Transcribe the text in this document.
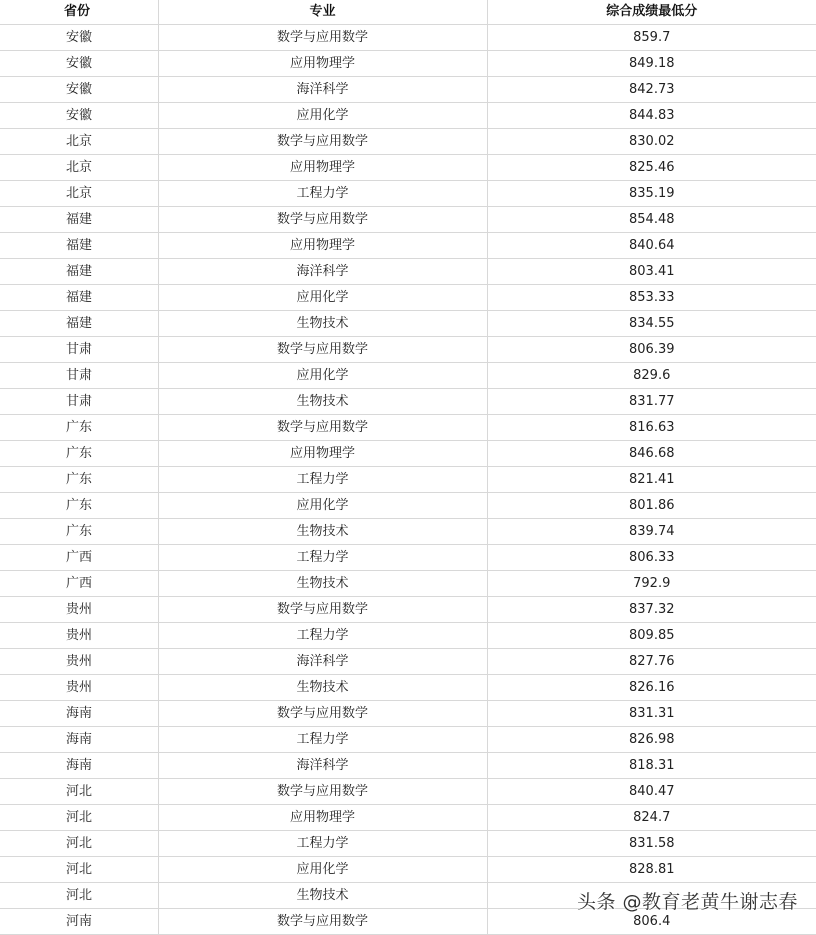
省份	专业	综合成绩最低分
安徽	数学与应用数学	859.7
安徽	应用物理学	849.18
安徽	海洋科学	842.73
安徽	应用化学	844.83
北京	数学与应用数学	830.02
北京	应用物理学	825.46
北京	工程力学	835.19
福建	数学与应用数学	854.48
福建	应用物理学	840.64
福建	海洋科学	803.41
福建	应用化学	853.33
福建	生物技术	834.55
甘肃	数学与应用数学	806.39
甘肃	应用化学	829.6
甘肃	生物技术	831.77
广东	数学与应用数学	816.63
广东	应用物理学	846.68
广东	工程力学	821.41
广东	应用化学	801.86
广东	生物技术	839.74
广西	工程力学	806.33
广西	生物技术	792.9
贵州	数学与应用数学	837.32
贵州	工程力学	809.85
贵州	海洋科学	827.76
贵州	生物技术	826.16
海南	数学与应用数学	831.31
海南	工程力学	826.98
海南	海洋科学	818.31
河北	数学与应用数学	840.47
河北	应用物理学	824.7
河北	工程力学	831.58
河北	应用化学	828.81
河北	生物技术	
河南	数学与应用数学	806.4
头条 @教育老黄牛谢志春
